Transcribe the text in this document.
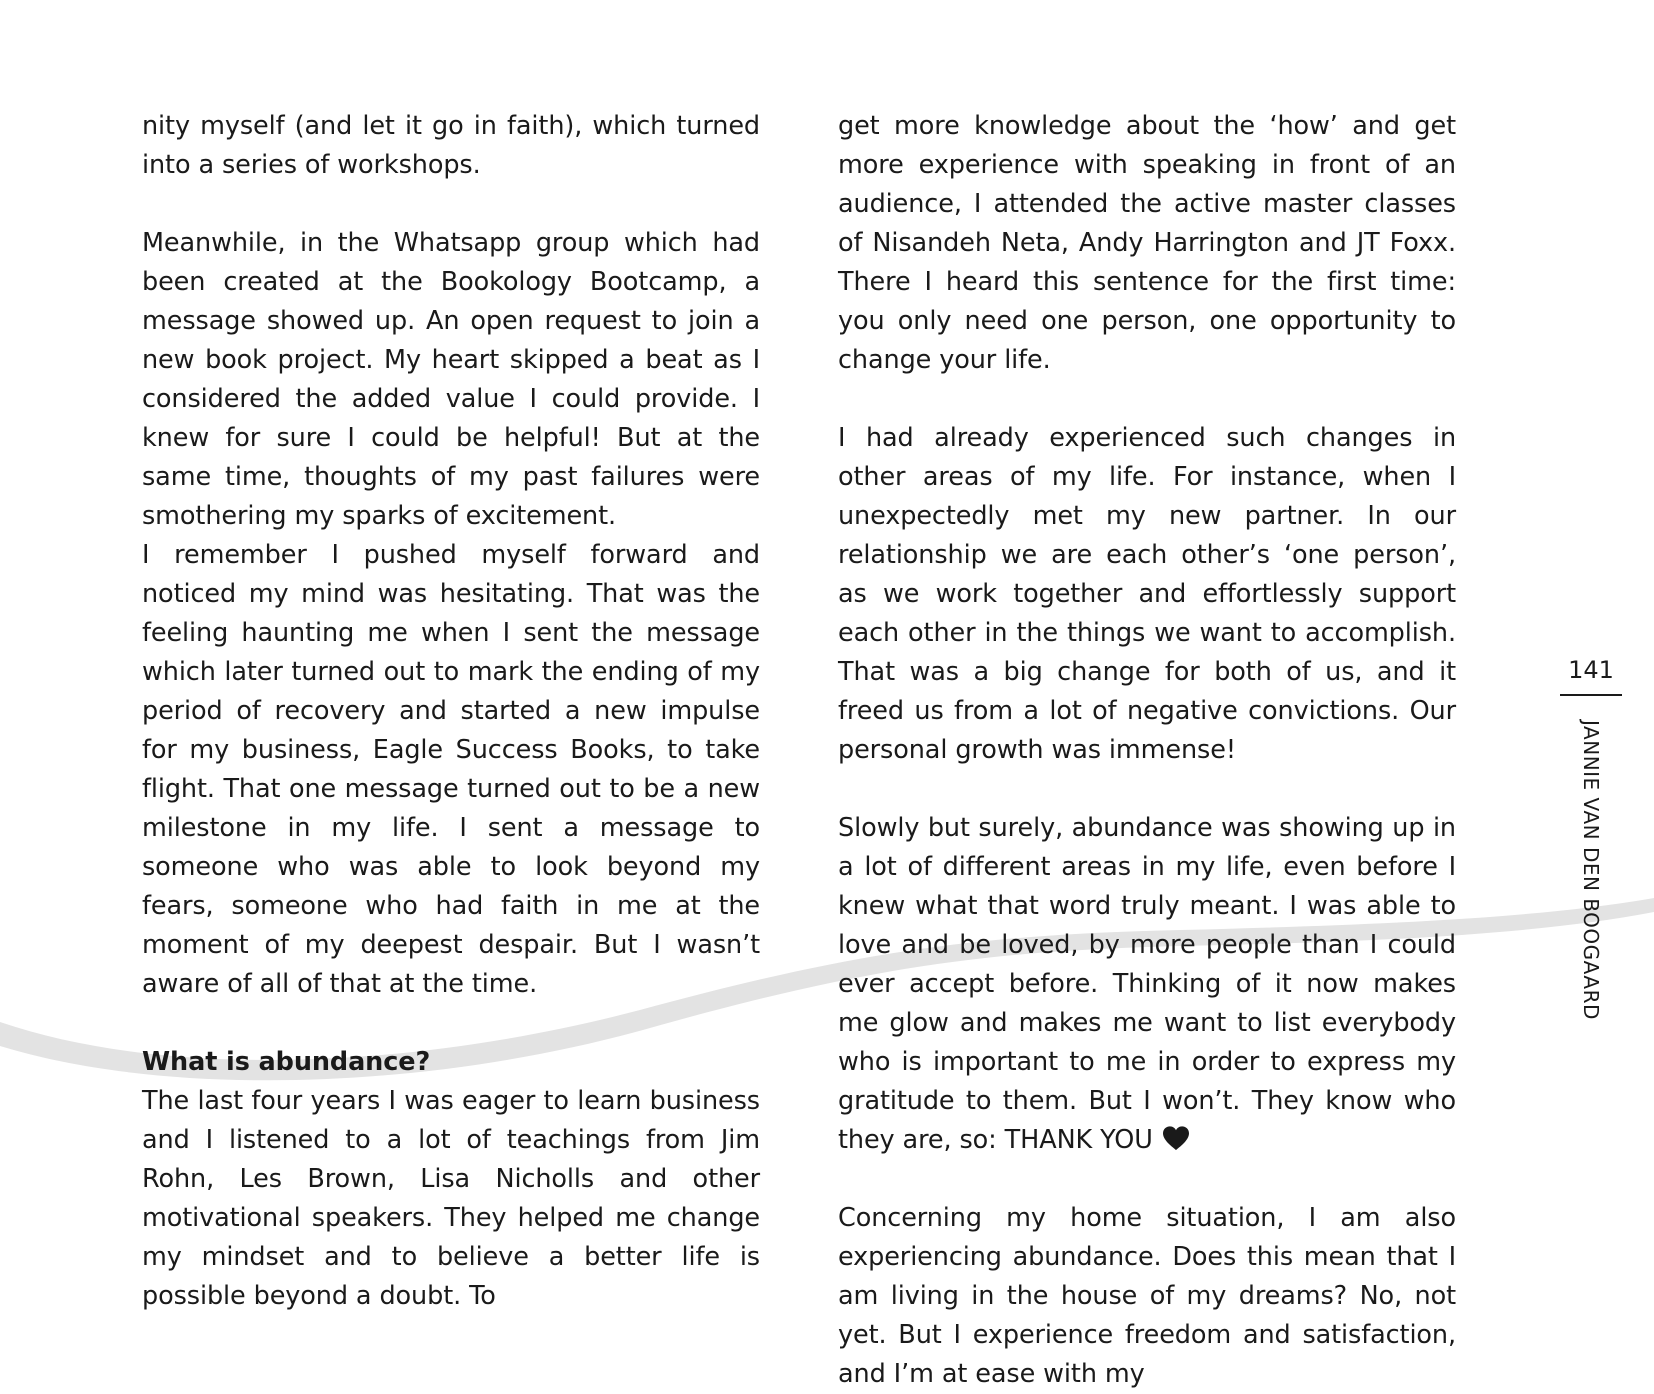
nity myself (and let it go in faith), which turned into a series of workshops.

Meanwhile, in the Whatsapp group which had been created at the Bookology Bootcamp, a message showed up. An open request to join a new book project. My heart skipped a beat as I considered the added value I could provide. I knew for sure I could be helpful! But at the same time, thoughts of my past failures were smothering my sparks of excitement.

I remember I pushed myself forward and noticed my mind was hesitating. That was the feeling haunting me when I sent the message which later turned out to mark the ending of my period of recovery and started a new impulse for my business, Eagle Success Books, to take flight. That one message turned out to be a new milestone in my life. I sent a message to someone who was able to look beyond my fears, someone who had faith in me at the moment of my deepest despair. But I wasn’t aware of all of that at the time.

What is abundance?

The last four years I was eager to learn business and I listened to a lot of teachings from Jim Rohn, Les Brown, Lisa Nicholls and other motivational speakers. They helped me change my mindset and to believe a better life is possible beyond a doubt. To

get more knowledge about the ‘how’ and get more experience with speaking in front of an audience, I attended the active master classes of Nisandeh Neta, Andy Harrington and JT Foxx. There I heard this sentence for the first time: you only need one person, one opportunity to change your life.

I had already experienced such changes in other areas of my life. For instance, when I unexpectedly met my new partner. In our relationship we are each other’s ‘one person’, as we work together and effortlessly support each other in the things we want to accomplish. That was a big change for both of us, and it freed us from a lot of negative convictions. Our personal growth was immense!

Slowly but surely, abundance was showing up in a lot of different areas in my life, even before I knew what that word truly meant. I was able to love and be loved, by more people than I could ever accept before. Thinking of it now makes me glow and makes me want to list everybody who is important to me in order to express my gratitude to them. But I won’t. They know who they are, so: THANK YOU

Concerning my home situation, I am also experiencing abundance. Does this mean that I am living in the house of my dreams? No, not yet. But I experience freedom and satisfaction, and I’m at ease with my

141
JANNIE VAN DEN BOOGAARD
